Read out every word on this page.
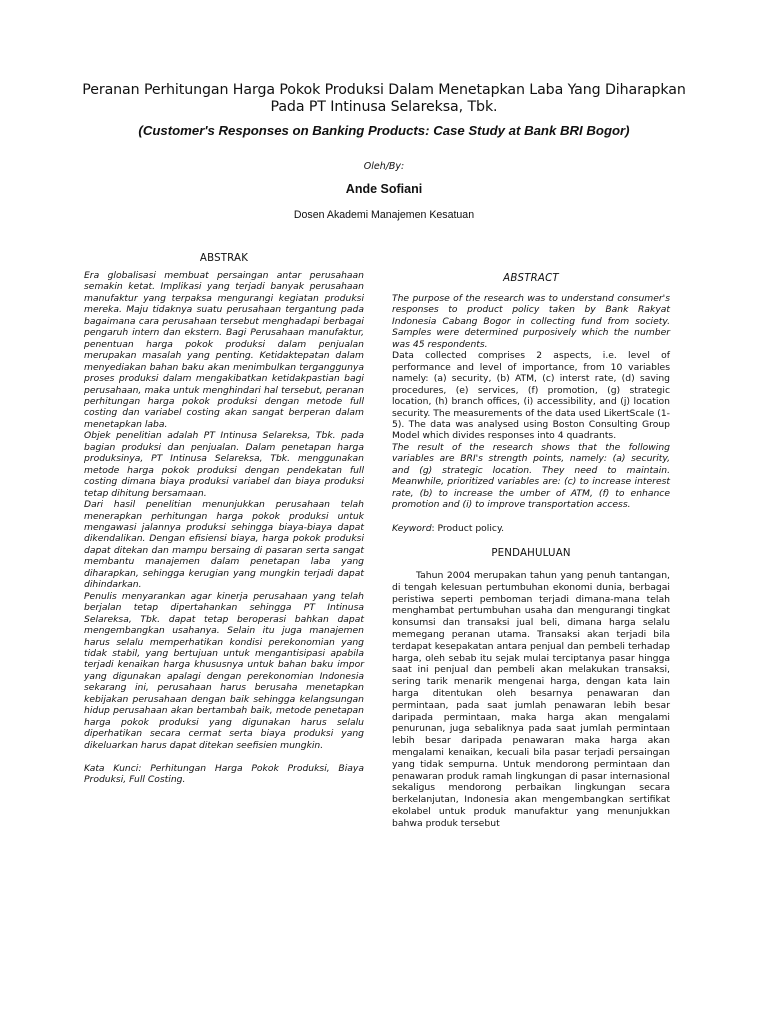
Peranan Perhitungan Harga Pokok Produksi Dalam Menetapkan Laba Yang Diharapkan
Pada PT Intinusa Selareksa, Tbk.
(Customer's Responses on Banking Products: Case Study at Bank BRI Bogor)
Oleh/By:
Ande Sofiani
Dosen Akademi Manajemen Kesatuan
ABSTRAK

Era globalisasi membuat persaingan antar perusahaan semakin ketat. Implikasi yang terjadi banyak perusahaan manufaktur yang terpaksa mengurangi kegiatan produksi mereka. Maju tidaknya suatu perusahaan tergantung pada bagaimana cara perusahaan tersebut menghadapi berbagai pengaruh intern dan ekstern. Bagi Perusahaan manufaktur, penentuan harga pokok produksi dalam penjualan merupakan masalah yang penting. Ketidaktepatan dalam menyediakan bahan baku akan menimbulkan terganggunya proses produksi dalam mengakibatkan ketidakpastian bagi perusahaan, maka untuk menghindari hal tersebut, peranan perhitungan harga pokok produksi dengan metode full costing dan variabel costing akan sangat berperan dalam menetapkan laba.

Objek penelitian adalah PT Intinusa Selareksa, Tbk. pada bagian produksi dan penjualan. Dalam penetapan harga produksinya, PT Intinusa Selareksa, Tbk. menggunakan metode harga pokok produksi dengan pendekatan full costing dimana biaya produksi variabel dan biaya produksi tetap dihitung bersamaan.

Dari hasil penelitian menunjukkan perusahaan telah menerapkan perhitungan harga pokok produksi untuk mengawasi jalannya produksi sehingga biaya-biaya dapat dikendalikan. Dengan efisiensi biaya, harga pokok produksi dapat ditekan dan mampu bersaing di pasaran serta sangat membantu manajemen dalam penetapan laba yang diharapkan, sehingga kerugian yang mungkin terjadi dapat dihindarkan.

Penulis menyarankan agar kinerja perusahaan yang telah berjalan tetap dipertahankan sehingga PT Intinusa Selareksa, Tbk. dapat tetap beroperasi bahkan dapat mengembangkan usahanya. Selain itu juga manajemen harus selalu memperhatikan kondisi perekonomian yang tidak stabil, yang bertujuan untuk mengantisipasi apabila terjadi kenaikan harga khususnya untuk bahan baku impor yang digunakan apalagi dengan perekonomian Indonesia sekarang ini, perusahaan harus berusaha menetapkan kebijakan perusahaan dengan baik sehingga kelangsungan hidup perusahaan akan bertambah baik, metode penetapan harga pokok produksi yang digunakan harus selalu diperhatikan secara cermat serta biaya produksi yang dikeluarkan harus dapat ditekan seefisien mungkin.

Kata Kunci: Perhitungan Harga Pokok Produksi, Biaya Produksi, Full Costing.

ABSTRACT

The purpose of the research was to understand consumer's responses to product policy taken by Bank Rakyat Indonesia Cabang Bogor in collecting fund from society. Samples were determined purposively which the number was 45 respondents.

Data collected comprises 2 aspects, i.e. level of performance and level of importance, from 10 variables namely: (a) security, (b) ATM, (c) interst rate, (d) saving procedures, (e) services, (f) promotion, (g) strategic location, (h) branch offices, (i) accessibility, and (j) location security. The measurements of the data used LikertScale (1-5). The data was analysed using Boston Consulting Group Model which divides responses into 4 quadrants.

The result of the research shows that the following variables are BRI's strength points, namely: (a) security, and (g) strategic location. They need to maintain. Meanwhile, prioritized variables are: (c) to increase interest rate, (b) to increase the umber of ATM, (f) to enhance promotion and (i) to improve transportation access.

Keyword: Product policy.

PENDAHULUAN

Tahun 2004 merupakan tahun yang penuh tantangan, di tengah kelesuan pertumbuhan ekonomi dunia, berbagai peristiwa seperti pemboman terjadi dimana-mana telah menghambat pertumbuhan usaha dan mengurangi tingkat konsumsi dan transaksi jual beli, dimana harga selalu memegang peranan utama. Transaksi akan terjadi bila terdapat kesepakatan antara penjual dan pembeli terhadap harga, oleh sebab itu sejak mulai terciptanya pasar hingga saat ini penjual dan pembeli akan melakukan transaksi, sering tarik menarik mengenai harga, dengan kata lain harga ditentukan oleh besarnya penawaran dan permintaan, pada saat jumlah penawaran lebih besar daripada permintaan, maka harga akan mengalami penurunan, juga sebaliknya pada saat jumlah permintaan lebih besar daripada penawaran maka harga akan mengalami kenaikan, kecuali bila pasar terjadi persaingan yang tidak sempurna. Untuk mendorong permintaan dan penawaran produk ramah lingkungan di pasar internasional sekaligus mendorong perbaikan lingkungan secara berkelanjutan, Indonesia akan mengembangkan sertifikat ekolabel untuk produk manufaktur yang menunjukkan bahwa produk tersebut
